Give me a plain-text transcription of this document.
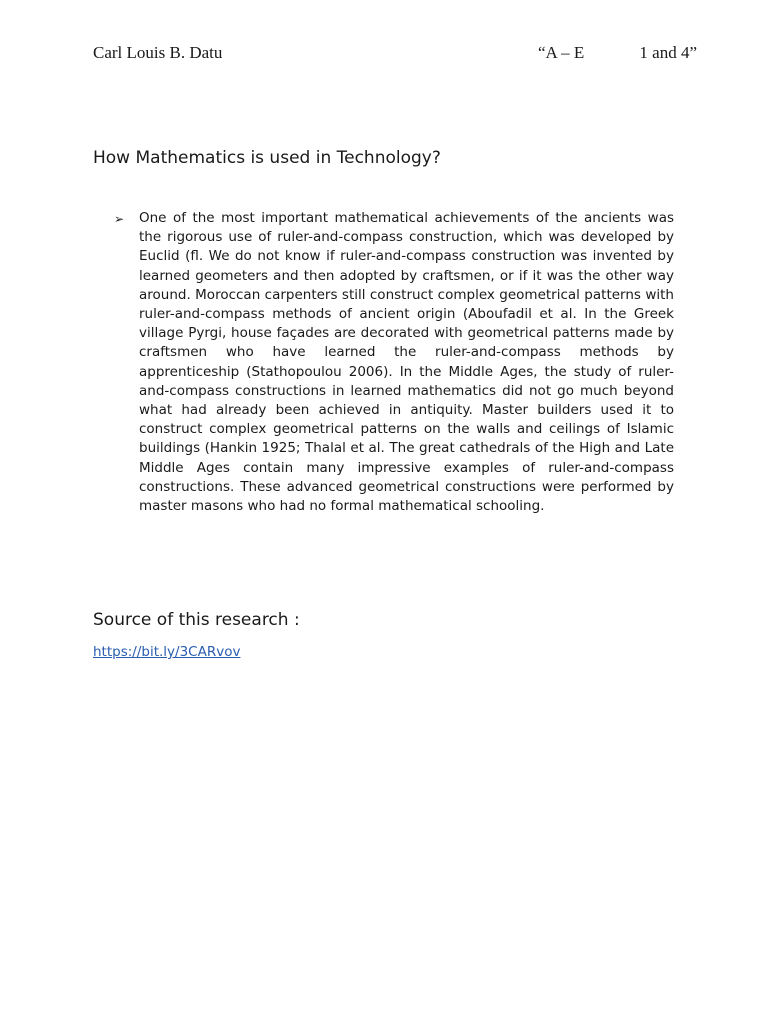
Carl Louis B. Datu	“A – E	1 and 4”
How Mathematics is used in Technology?
➢ One of the most important mathematical achievements of the ancients was the rigorous use of ruler-and-compass construction, which was developed by Euclid (fl. We do not know if ruler-and-compass construction was invented by learned geometers and then adopted by craftsmen, or if it was the other way around. Moroccan carpenters still construct complex geometrical patterns with ruler-and-compass methods of ancient origin (Aboufadil et al. In the Greek village Pyrgi, house façades are decorated with geometrical patterns made by craftsmen who have learned the ruler-and-compass methods by apprenticeship (Stathopoulou 2006). In the Middle Ages, the study of ruler-and-compass constructions in learned mathematics did not go much beyond what had already been achieved in antiquity. Master builders used it to construct complex geometrical patterns on the walls and ceilings of Islamic buildings (Hankin 1925; Thalal et al. The great cathedrals of the High and Late Middle Ages contain many impressive examples of ruler-and-compass constructions. These advanced geometrical constructions were performed by master masons who had no formal mathematical schooling.

Source of this research :
https://bit.ly/3CARvov
